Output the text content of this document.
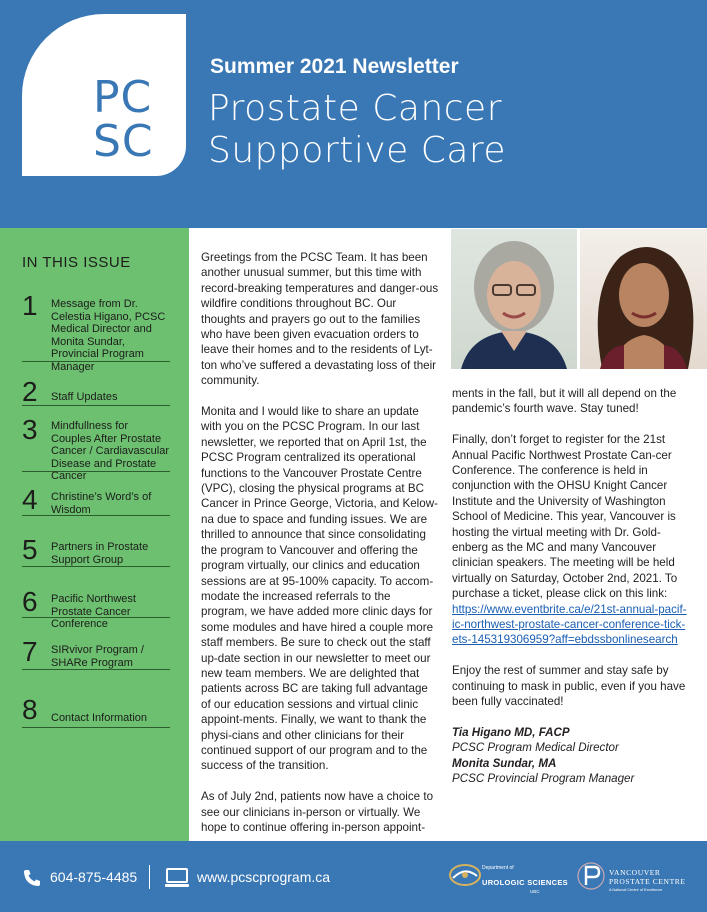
PC
SC
Summer 2021 Newsletter
Prostate Cancer
Supportive Care
IN THIS ISSUE
1 Message from Dr. Celestia Higano, PCSC Medical Director and Monita Sundar, Provincial Program Manager
2 Staff Updates
3 Mindfullness for Couples After Prostate Cancer / Cardiavascular Disease and Prostate Cancer
4 Christine’s Word’s of Wisdom
5 Partners in Prostate Support Group
6 Pacific Northwest Prostate Cancer Conference
7 SIRvivor Program / SHARe Program
8 Contact Information

Greetings from the PCSC Team. It has been another unusual summer, but this time with record-breaking temperatures and danger-ous wildfire conditions throughout BC. Our thoughts and prayers go out to the families who have been given evacuation orders to leave their homes and to the residents of Lyt-ton who’ve suffered a devastating loss of their community.

Monita and I would like to share an update with you on the PCSC Program. In our last newsletter, we reported that on April 1st, the PCSC Program centralized its operational functions to the Vancouver Prostate Centre (VPC), closing the physical programs at BC Cancer in Prince George, Victoria, and Kelow-na due to space and funding issues. We are thrilled to announce that since consolidating the program to Vancouver and offering the program virtually, our clinics and education sessions are at 95-100% capacity. To accom-modate the increased referrals to the program, we have added more clinic days for some modules and have hired a couple more staff members. Be sure to check out the staff up-date section in our newsletter to meet our new team members. We are delighted that patients across BC are taking full advantage of our education sessions and virtual clinic appoint-ments. Finally, we want to thank the physi-cians and other clinicians for their continued support of our program and to the success of the transition.

As of July 2nd, patients now have a choice to see our clinicians in-person or virtually. We hope to continue offering in-person appoint-

ments in the fall, but it will all depend on the pandemic’s fourth wave. Stay tuned!

Finally, don’t forget to register for the 21st Annual Pacific Northwest Prostate Can-cer Conference. The conference is held in conjunction with the OHSU Knight Cancer Institute and the University of Washington School of Medicine. This year, Vancouver is hosting the virtual meeting with Dr. Gold-enberg as the MC and many Vancouver clinician speakers. The meeting will be held virtually on Saturday, October 2nd, 2021. To purchase a ticket, please click on this link: https://www.eventbrite.ca/e/21st-annual-pacif-ic-northwest-prostate-cancer-conference-tick-ets-145319306959?aff=ebdssbonlinesearch

Enjoy the rest of summer and stay safe by continuing to mask in public, even if you have been fully vaccinated!

Tia Higano MD, FACP
PCSC Program Medical Director
Monita Sundar, MA
PCSC Provincial Program Manager
604-875-4485	www.pcscprogram.ca
Department of
UROLOGIC SCIENCES
UBC
VANCOUVER
PROSTATE CENTRE
A National Centre of Excellence
